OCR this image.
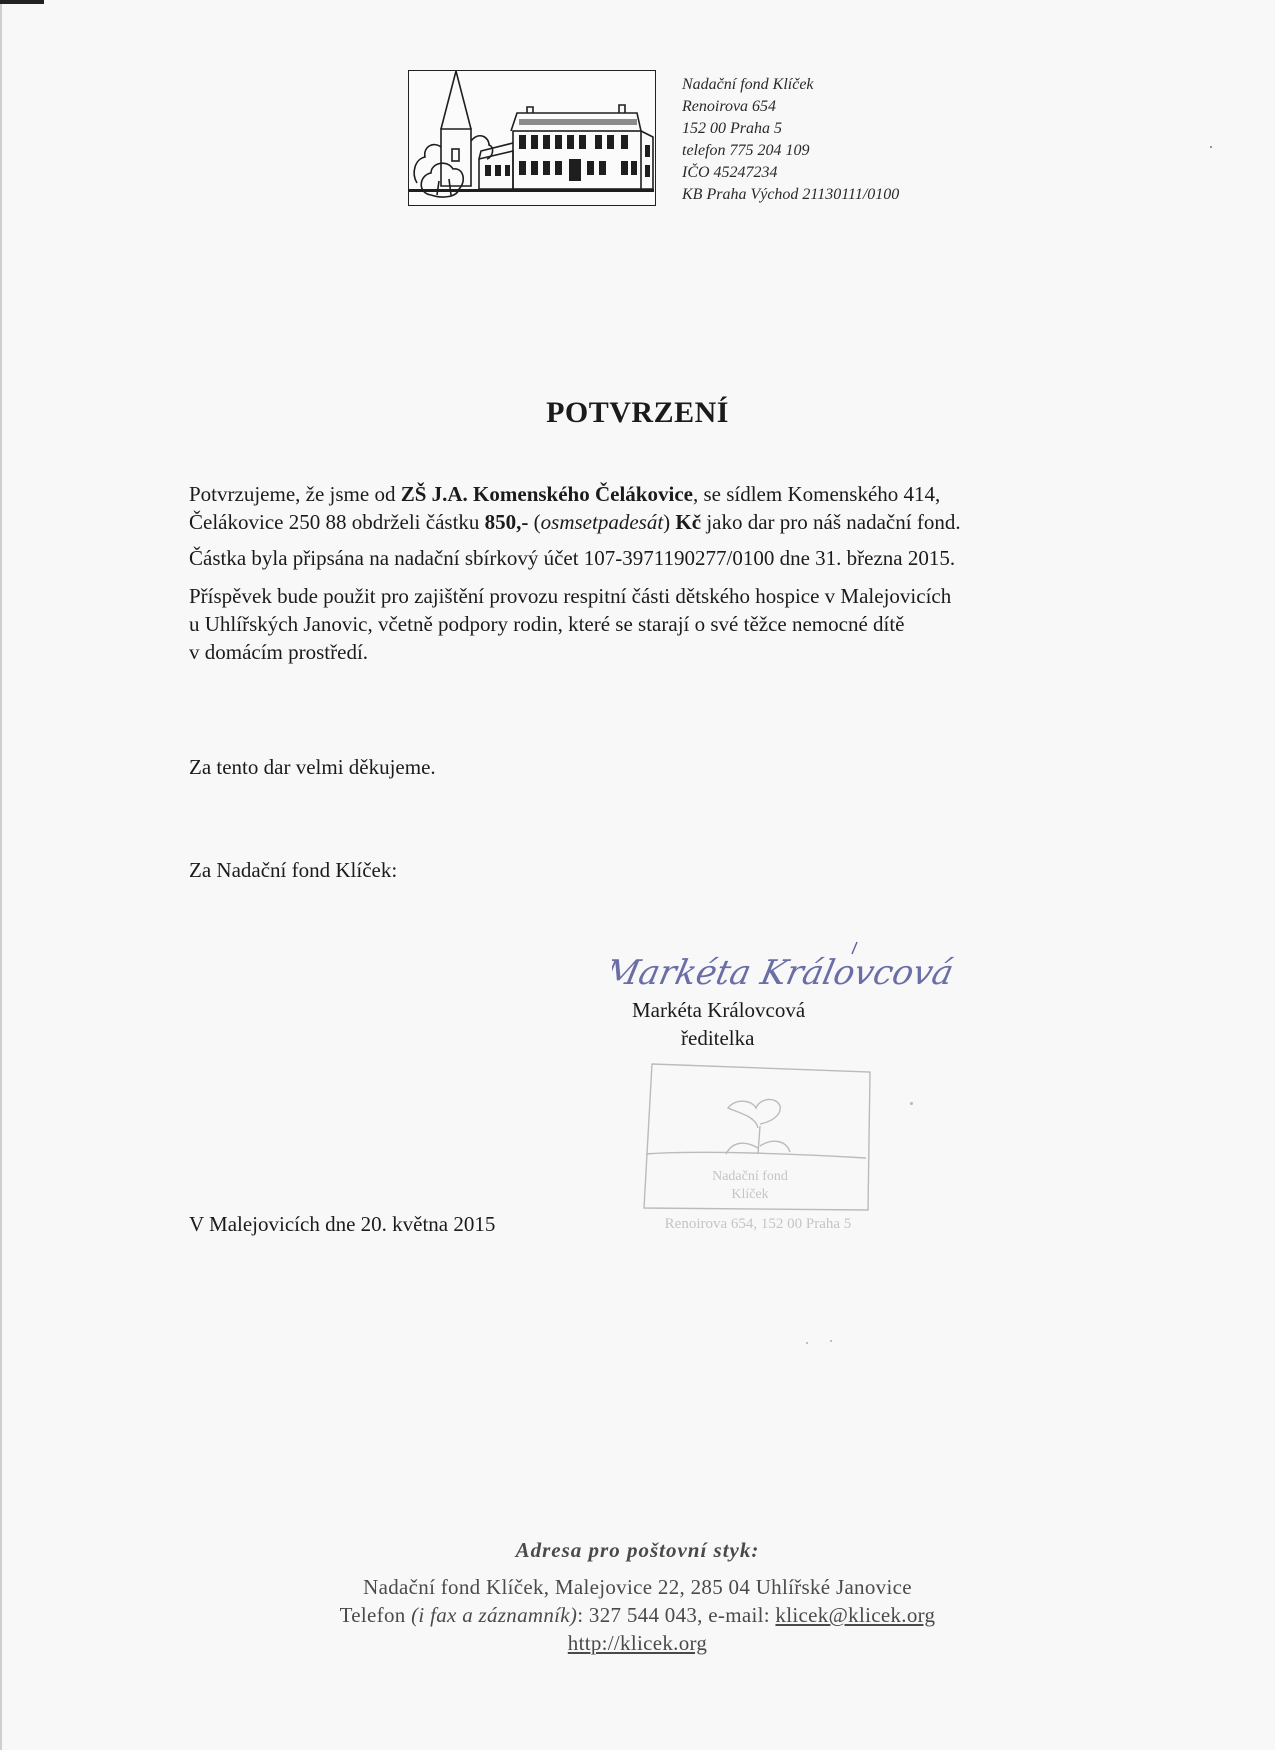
Nadační fond Klíček
Renoirova 654
152 00 Praha 5
telefon 775 204 109
IČO 45247234
KB Praha Východ 21130111/0100
POTVRZENÍ

Potvrzujeme, že jsme od ZŠ J.A. Komenského Čelákovice, se sídlem Komenského 414,
Čelákovice 250 88 obdrželi částku 850,- (osmsetpadesát) Kč jako dar pro náš nadační fond.

Částka byla připsána na nadační sbírkový účet 107-3971190277/0100 dne 31. března 2015.

Příspěvek bude použit pro zajištění provozu respitní části dětského hospice v Malejovicích
u Uhlířských Janovic, včetně podpory rodin, které se starají o své těžce nemocné dítě
v domácím prostředí.

Za tento dar velmi děkujeme.
Za Nadační fond Klíček:
Markéta Královcová
Markéta Královcová
ředitelka
Nadační fond
Klíček
Renoirova 654, 152 00 Praha 5
V Malejovicích dne 20. května 2015
Adresa pro poštovní styk:
Nadační fond Klíček, Malejovice 22, 285 04 Uhlířské Janovice
Telefon (i fax a záznamník): 327 544 043, e-mail: klicek@klicek.org
http://klicek.org
